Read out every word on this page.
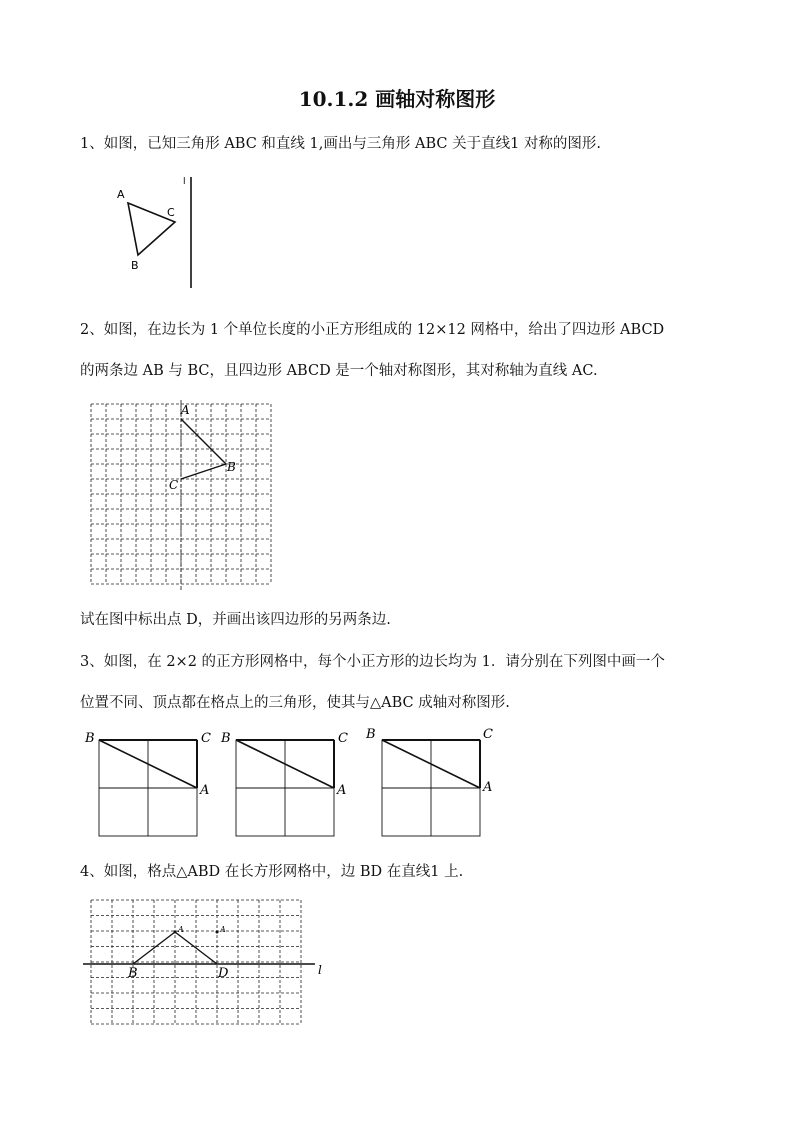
10.1.2 画轴对称图形
1、如图，已知三角形 ABC 和直线 1,画出与三角形 ABC 关于直线1 对称的图形.
A
C
B
l
A
B
C
B	C
A
B	C
A
B	C
A
B	D
A	A
l
2、如图，在边长为 1 个单位长度的小正方形组成的 12×12 网格中，给出了四边形 ABCD
的两条边 AB 与 BC，且四边形 ABCD 是一个轴对称图形，其对称轴为直线 AC.
试在图中标出点 D，并画出该四边形的另两条边.
3、如图，在 2×2 的正方形网格中，每个小正方形的边长均为 1．请分别在下列图中画一个
位置不同、顶点都在格点上的三角形，使其与△ABC 成轴对称图形.
4、如图，格点△ABD 在长方形网格中，边 BD 在直线1 上.
